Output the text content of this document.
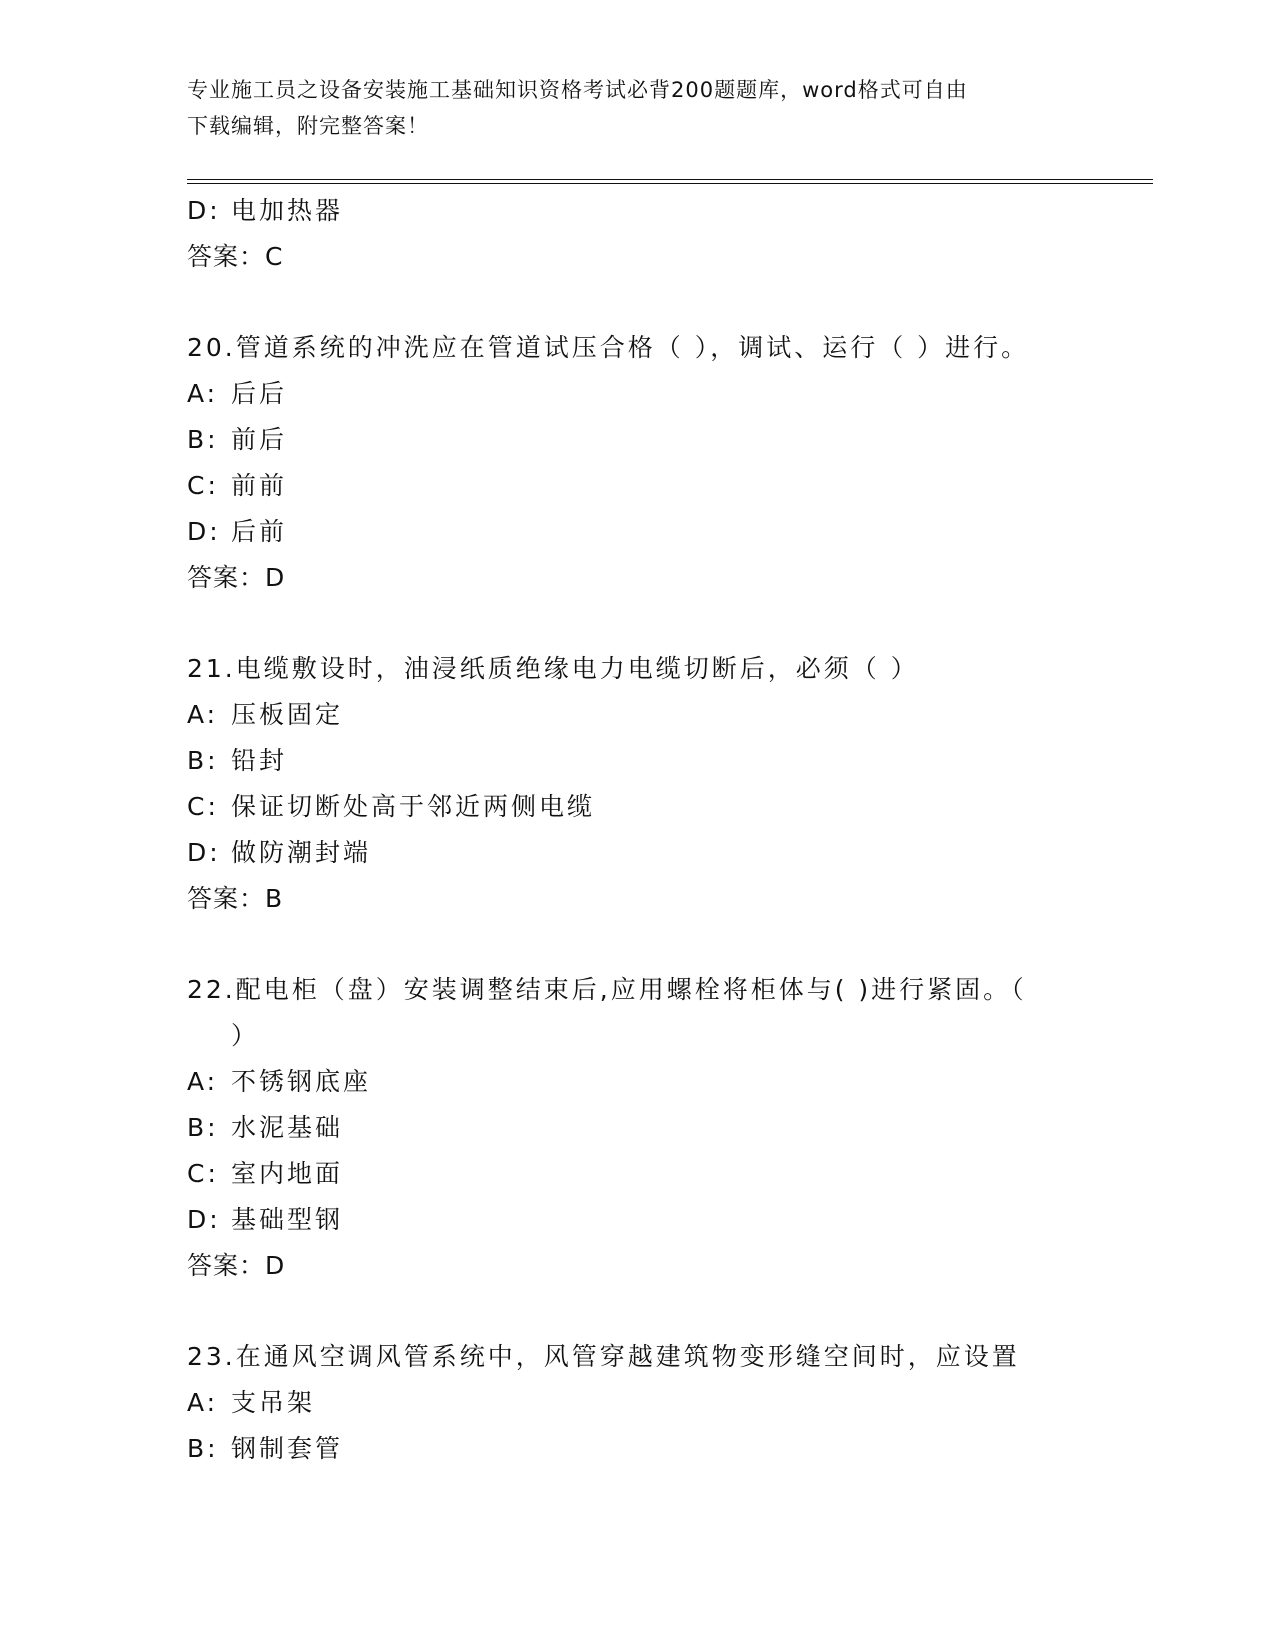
专业施工员之设备安装施工基础知识资格考试必背200题题库，word格式可自由
下载编辑，附完整答案！
D: 电加热器
答案：C
20.管道系统的冲洗应在管道试压合格（ ），调试、运行（ ）进行。
A: 后后
B: 前后
C: 前前
D: 后前
答案：D
21.电缆敷设时，油浸纸质绝缘电力电缆切断后，必须（ ）
A: 压板固定
B: 铅封
C: 保证切断处高于邻近两侧电缆
D: 做防潮封端
答案：B
22.配电柜（盘）安装调整结束后,应用螺栓将柜体与( )进行紧固。（
）
A: 不锈钢底座
B: 水泥基础
C: 室内地面
D: 基础型钢
答案：D
23.在通风空调风管系统中，风管穿越建筑物变形缝空间时，应设置
A: 支吊架
B: 钢制套管
